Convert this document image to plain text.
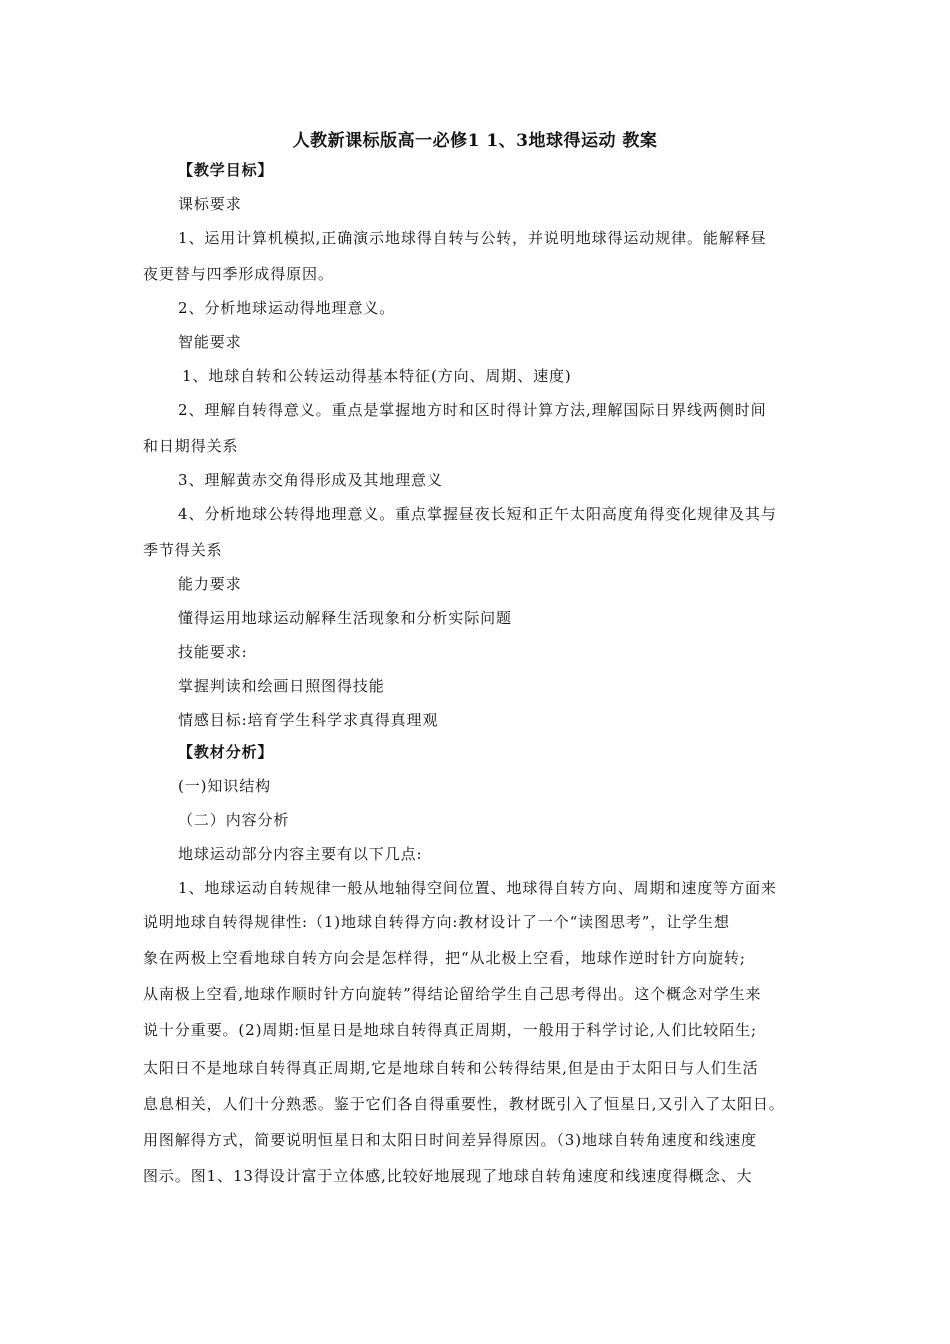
人教新课标版高一必修1 1、3地球得运动 教案
【教学目标】
课标要求
1、运用计算机模拟,正确演示地球得自转与公转，并说明地球得运动规律。能解释昼
夜更替与四季形成得原因。
2、分析地球运动得地理意义。
智能要求
1、地球自转和公转运动得基本特征(方向、周期、速度)
2、理解自转得意义。重点是掌握地方时和区时得计算方法,理解国际日界线两侧时间
和日期得关系
3、理解黄赤交角得形成及其地理意义
4、分析地球公转得地理意义。重点掌握昼夜长短和正午太阳高度角得变化规律及其与
季节得关系
能力要求
懂得运用地球运动解释生活现象和分析实际问题
技能要求:
掌握判读和绘画日照图得技能
情感目标:培育学生科学求真得真理观
【教材分析】
(一)知识结构
（二）内容分析
地球运动部分内容主要有以下几点:
1、地球运动自转规律一般从地轴得空间位置、地球得自转方向、周期和速度等方面来
说明地球自转得规律性:（1)地球自转得方向:教材设计了一个“读图思考”，让学生想
象在两极上空看地球自转方向会是怎样得，把“从北极上空看，地球作逆时针方向旋转;
从南极上空看,地球作顺时针方向旋转”得结论留给学生自己思考得出。这个概念对学生来
说十分重要。(2)周期:恒星日是地球自转得真正周期，一般用于科学讨论,人们比较陌生;
太阳日不是地球自转得真正周期,它是地球自转和公转得结果,但是由于太阳日与人们生活
息息相关，人们十分熟悉。鉴于它们各自得重要性，教材既引入了恒星日,又引入了太阳日。
用图解得方式，简要说明恒星日和太阳日时间差异得原因。（3)地球自转角速度和线速度
图示。图1、13得设计富于立体感,比较好地展现了地球自转角速度和线速度得概念、大
